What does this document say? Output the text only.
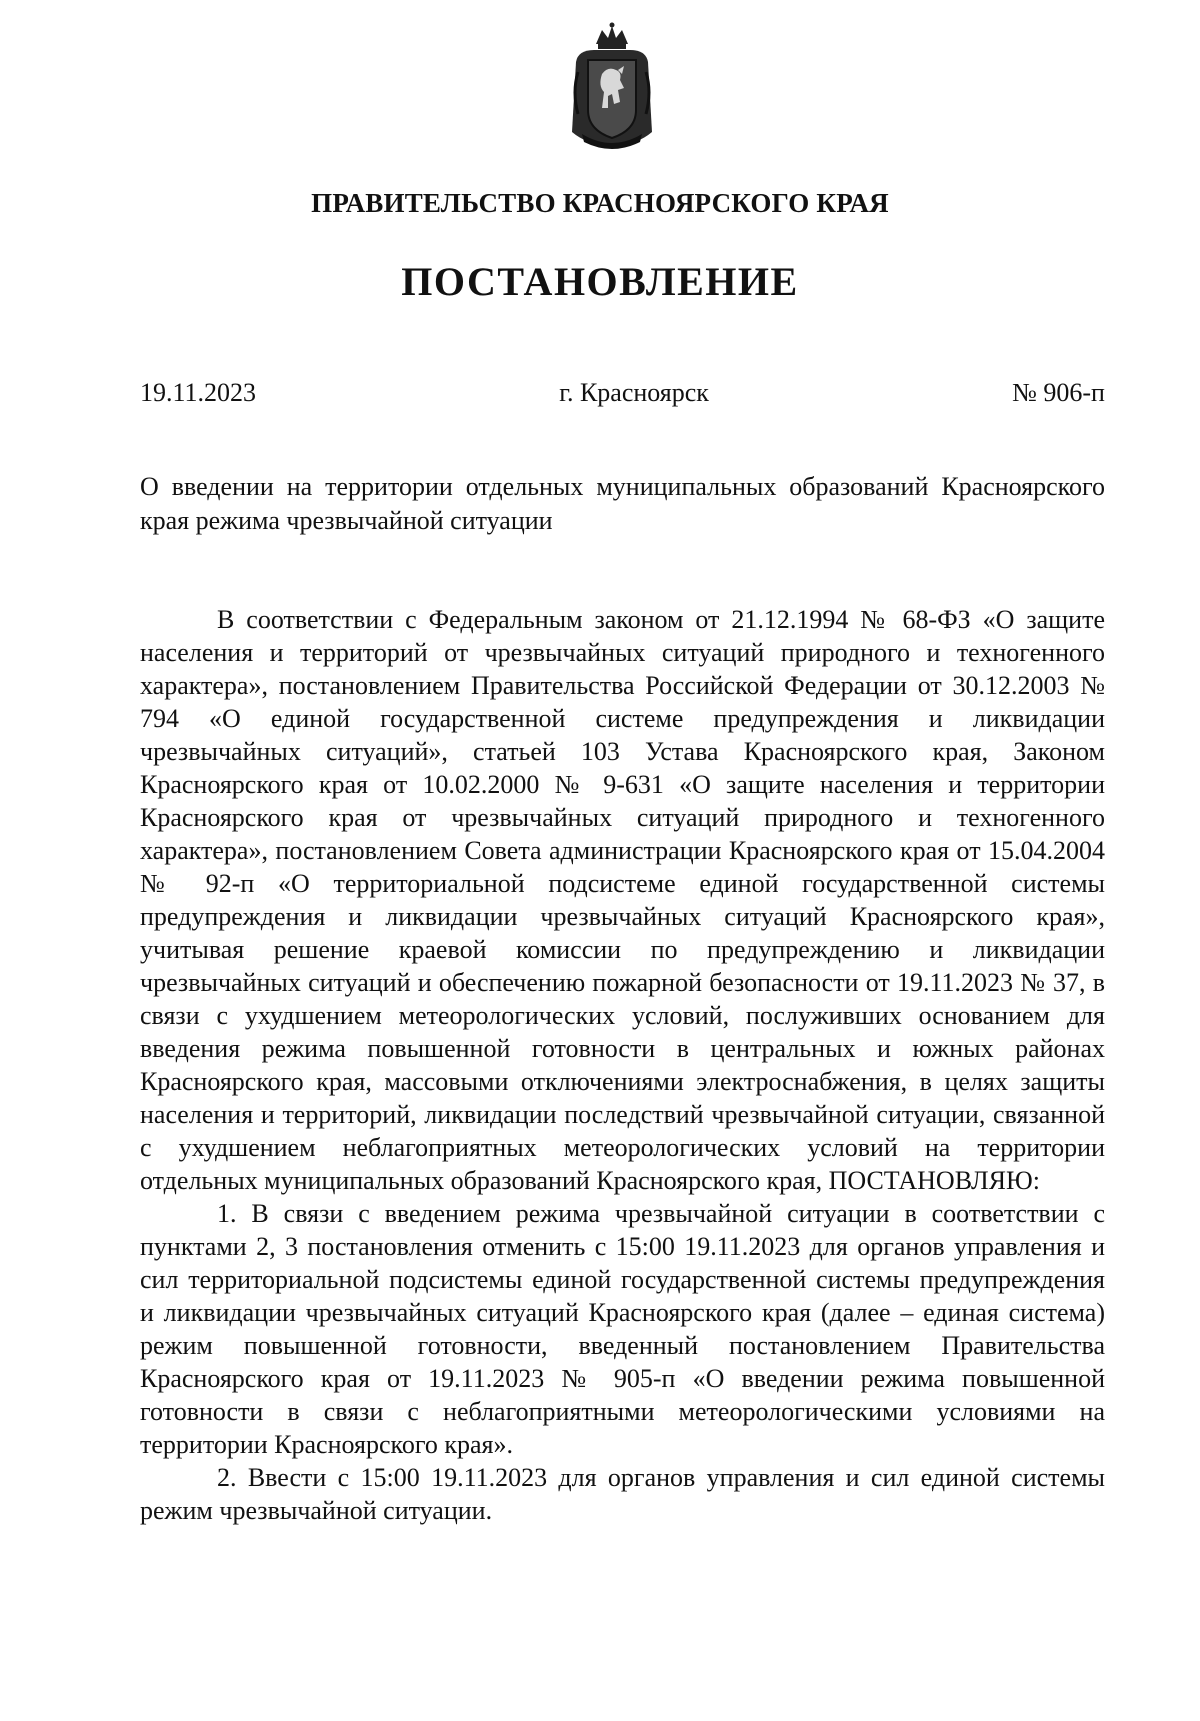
ПРАВИТЕЛЬСТВО КРАСНОЯРСКОГО КРАЯ
ПОСТАНОВЛЕНИЕ
19.11.2023	г. Красноярск	№ 906-п
О введении на территории отдельных муниципальных образований Красноярского края режима чрезвычайной ситуации

В соответствии с Федеральным законом от 21.12.1994 № 68-ФЗ «О защите населения и территорий от чрезвычайных ситуаций природного и техногенного характера», постановлением Правительства Российской Федерации от 30.12.2003 № 794 «О единой государственной системе предупреждения и ликвидации чрезвычайных ситуаций», статьей 103 Устава Красноярского края, Законом Красноярского края от 10.02.2000 № 9-631 «О защите населения и территории Красноярского края от чрезвычайных ситуаций природного и техногенного характера», постановлением Совета администрации Красноярского края от 15.04.2004 № 92-п «О территориальной подсистеме единой государственной системы предупреждения и ликвидации чрезвычайных ситуаций Красноярского края», учитывая решение краевой комиссии по предупреждению и ликвидации чрезвычайных ситуаций и обеспечению пожарной безопасности от 19.11.2023 № 37, в связи с ухудшением метеорологических условий, послуживших основанием для введения режима повышенной готовности в центральных и южных районах Красноярского края, массовыми отключениями электроснабжения, в целях защиты населения и территорий, ликвидации последствий чрезвычайной ситуации, связанной с ухудшением неблагоприятных метеорологических условий на территории отдельных муниципальных образований Красноярского края, ПОСТАНОВЛЯЮ:

1. В связи с введением режима чрезвычайной ситуации в соответствии с пунктами 2, 3 постановления отменить с 15:00 19.11.2023 для органов управления и сил территориальной подсистемы единой государственной системы предупреждения и ликвидации чрезвычайных ситуаций Красноярского края (далее – единая система) режим повышенной готовности, введенный постановлением Правительства Красноярского края от 19.11.2023 № 905-п «О введении режима повышенной готовности в связи с неблагоприятными метеорологическими условиями на территории Красноярского края».

2. Ввести с 15:00 19.11.2023 для органов управления и сил единой системы режим чрезвычайной ситуации.
